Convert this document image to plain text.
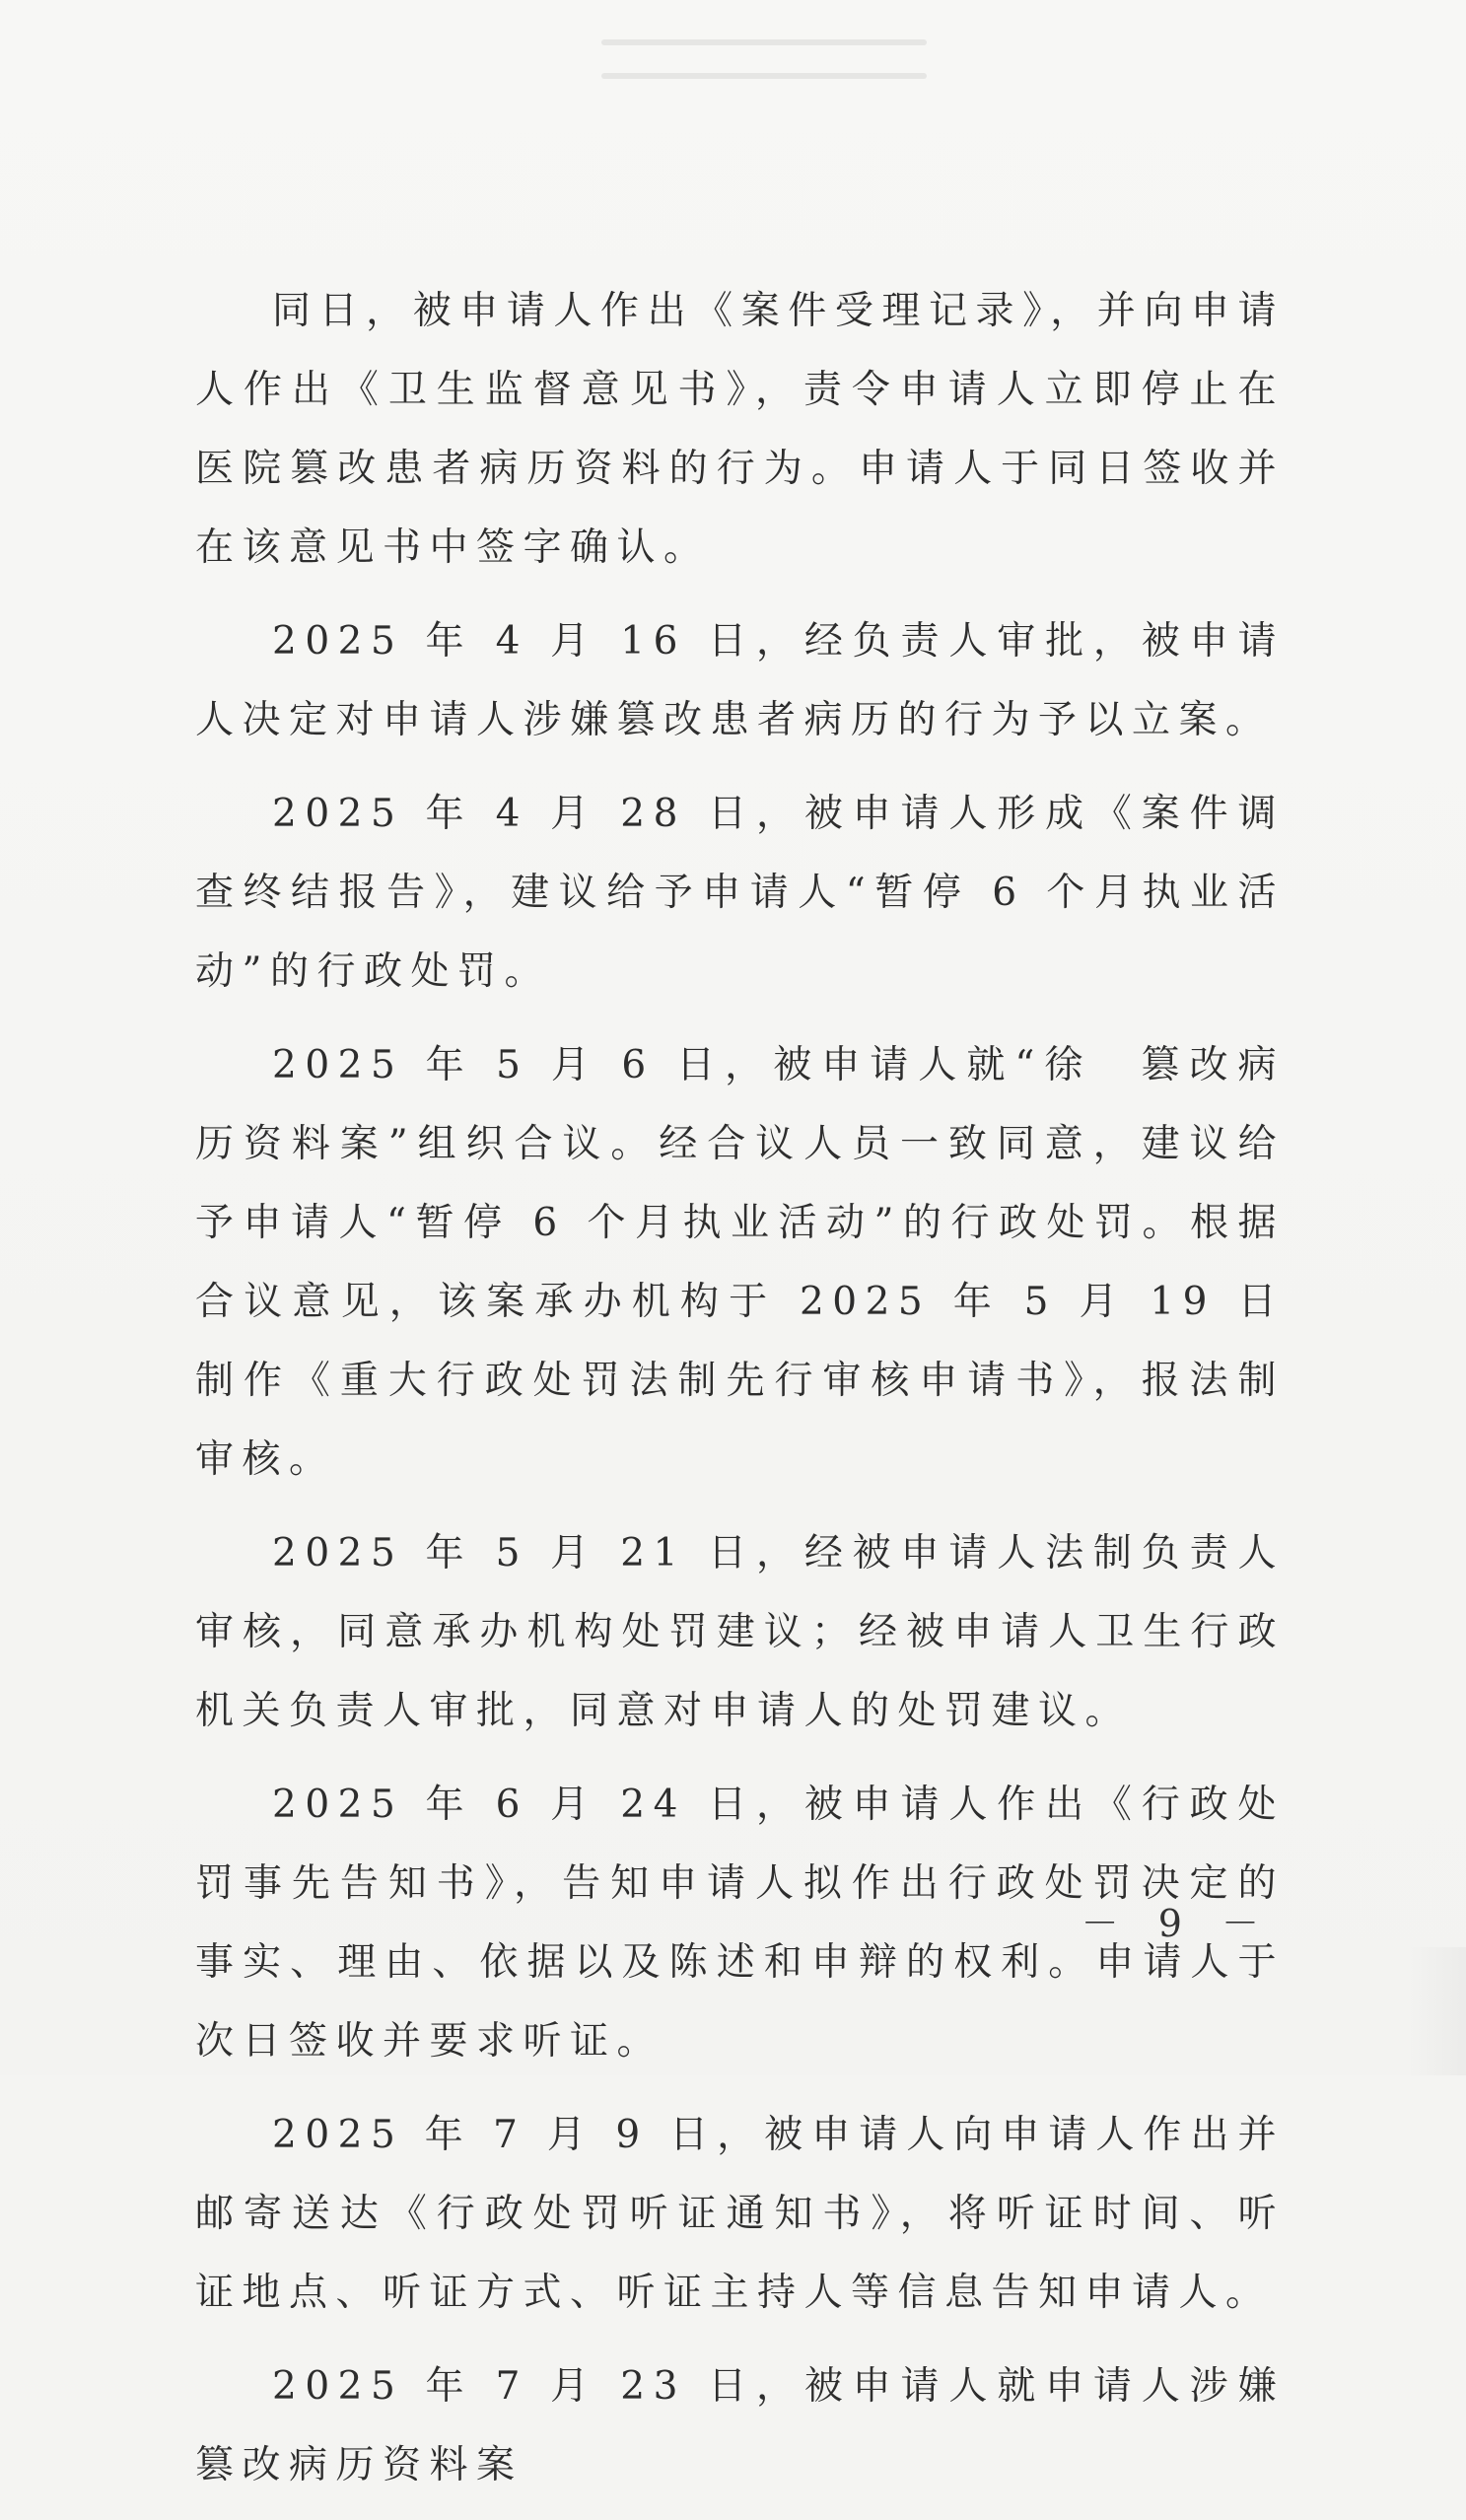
同日，被申请人作出《案件受理记录》，并向申请人作出《卫生监督意见书》，责令申请人立即停止在　　医院篡改患者病历资料的行为。申请人于同日签收并在该意见书中签字确认。

2025 年 4 月 16 日，经负责人审批，被申请人决定对申请人涉嫌篡改患者病历的行为予以立案。

2025 年 4 月 28 日，被申请人形成《案件调查终结报告》，建议给予申请人“暂停 6 个月执业活动”的行政处罚。

2025 年 5 月 6 日，被申请人就“徐　篡改病历资料案”组织合议。经合议人员一致同意，建议给予申请人“暂停 6 个月执业活动”的行政处罚。根据合议意见，该案承办机构于 2025 年 5 月 19 日制作《重大行政处罚法制先行审核申请书》，报法制审核。

2025 年 5 月 21 日，经被申请人法制负责人审核，同意承办机构处罚建议；经被申请人卫生行政机关负责人审批，同意对申请人的处罚建议。

2025 年 6 月 24 日，被申请人作出《行政处罚事先告知书》，告知申请人拟作出行政处罚决定的事实、理由、依据以及陈述和申辩的权利。申请人于次日签收并要求听证。

2025 年 7 月 9 日，被申请人向申请人作出并邮寄送达《行政处罚听证通知书》，将听证时间、听证地点、听证方式、听证主持人等信息告知申请人。

2025 年 7 月 23 日，被申请人就申请人涉嫌篡改病历资料案

－ 9 －
